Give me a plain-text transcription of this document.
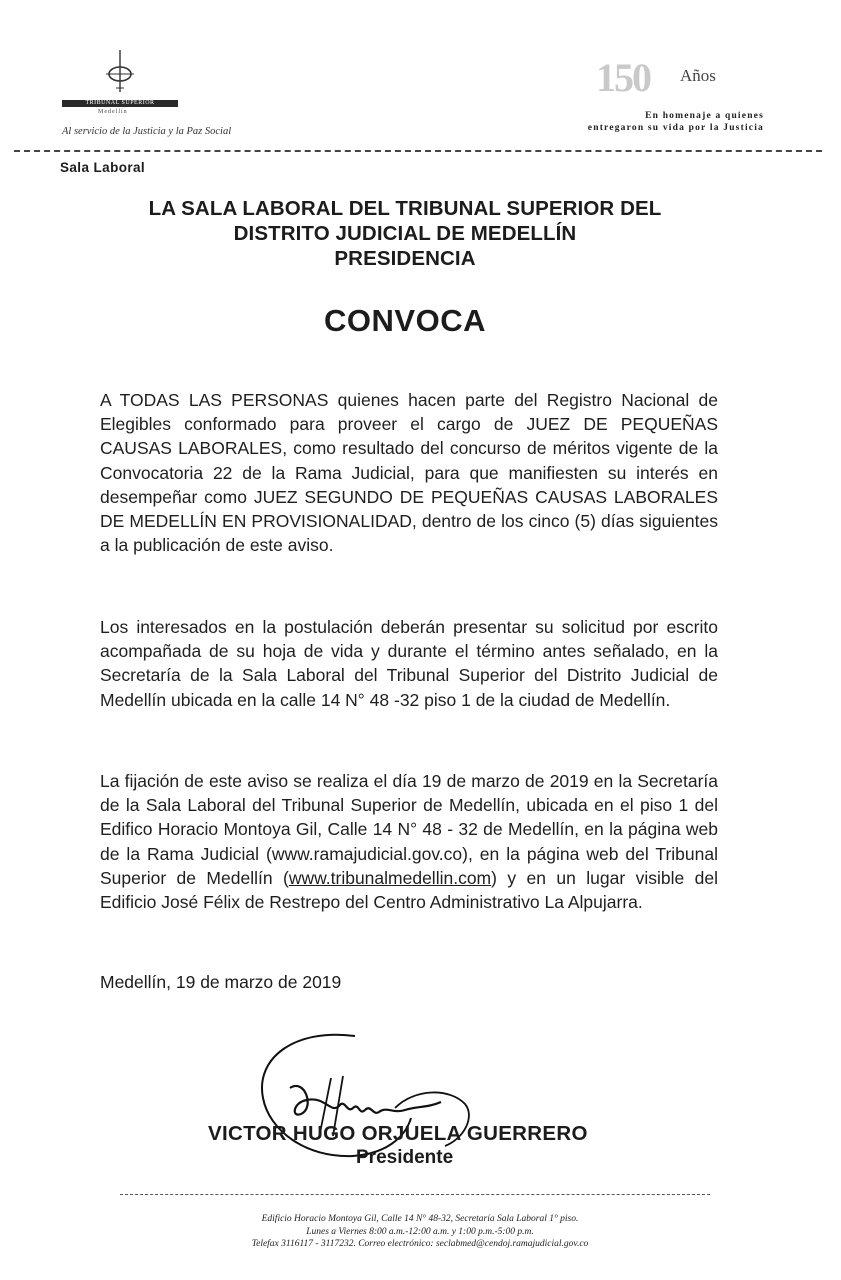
TRIBUNAL SUPERIOR
Medellín
Al servicio de la Justicia y la Paz Social
150 Años
En homenaje a quienes
entregaron su vida por la Justicia
Sala Laboral
LA SALA LABORAL DEL TRIBUNAL SUPERIOR DEL
DISTRITO JUDICIAL DE MEDELLÍN
PRESIDENCIA
CONVOCA
A TODAS LAS PERSONAS quienes hacen parte del Registro Nacional de Elegibles conformado para proveer el cargo de JUEZ DE PEQUEÑAS CAUSAS LABORALES, como resultado del concurso de méritos vigente de la Convocatoria 22 de la Rama Judicial, para que manifiesten su interés en desempeñar como JUEZ SEGUNDO DE PEQUEÑAS CAUSAS LABORALES DE MEDELLÍN EN PROVISIONALIDAD, dentro de los cinco (5) días siguientes a la publicación de este aviso.
Los interesados en la postulación deberán presentar su solicitud por escrito acompañada de su hoja de vida y durante el término antes señalado, en la Secretaría de la Sala Laboral del Tribunal Superior del Distrito Judicial de Medellín ubicada en la calle 14 N° 48 -32 piso 1 de la ciudad de Medellín.
La fijación de este aviso se realiza el día 19 de marzo de 2019 en la Secretaría de la Sala Laboral del Tribunal Superior de Medellín, ubicada en el piso 1 del Edifico Horacio Montoya Gil, Calle 14 N° 48 - 32 de Medellín, en la página web de la Rama Judicial (www.ramajudicial.gov.co), en la página web del Tribunal Superior de Medellín (www.tribunalmedellin.com) y en un lugar visible del Edificio José Félix de Restrepo del Centro Administrativo La Alpujarra.
Medellín, 19 de marzo de 2019
VICTOR HUGO ORJUELA GUERRERO
Presidente
Edificio Horacio Montoya Gil, Calle 14 N° 48-32, Secretaría Sala Laboral 1° piso.
Lunes a Viernes 8:00 a.m.-12:00 a.m. y 1:00 p.m.-5:00 p.m.
Telefax 3116117 - 3117232. Correo electrónico: seclabmed@cendoj.ramajudicial.gov.co
